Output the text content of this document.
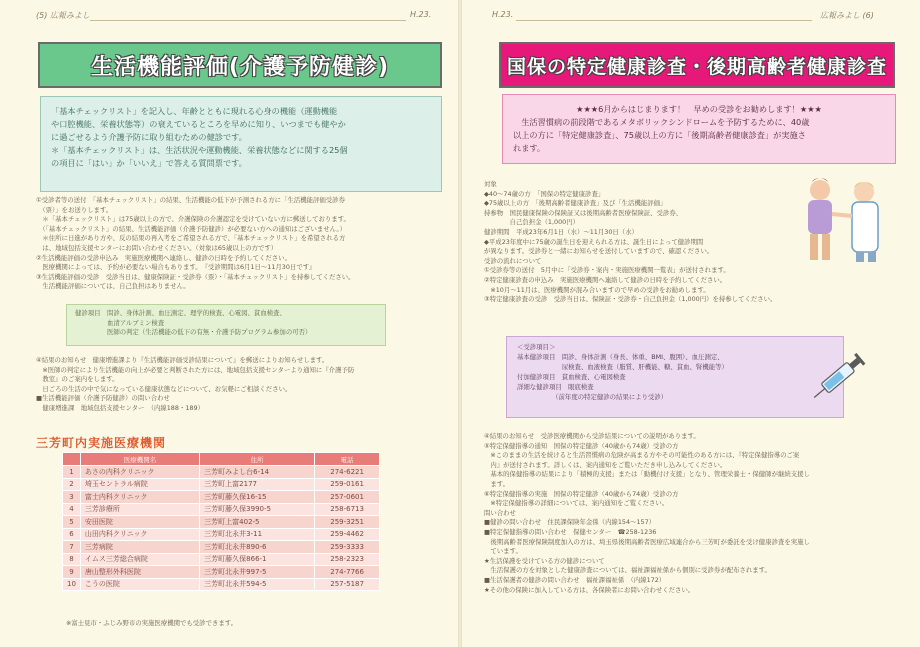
(5) 広報みよし	H.23.
生活機能評価(介護予防健診)

「基本チェックリスト」を記入し、年齢とともに現れる心身の機能（運動機能

や口腔機能、栄養状態等）の衰えているところを早めに知り、いつまでも健やか

に過ごせるよう介護予防に取り組むための健診です。

＊「基本チェックリスト」は、生活状況や運動機能、栄養状態などに関する25個

の項目に「はい」か「いいえ」で答える質問票です。

①受診者等の送付　「基本チェックリスト」の結果、生活機能の低下が予測される方に「生活機能評価受診券

　（票）」をお送りします。

　＊「基本チェックリスト」は75歳以上の方で、介護保険の介護認定を受けていない方に郵送しております。

　（「基本チェックリスト」の結果、生活機能評価（介護予防健診）が必要ない方への通知はございません。）

　＊住所に日進があり方や、反の結果の再入考をご希望される方で、「基本チェックリスト」を希望される方

　は、地域包括支援センターにお問い合わせください。（対象は65歳以上の方です）

②生活機能評価の受診申込み　実施医療機関へ連絡し、健診の日時を予約してください。

　医療機関によっては、予約が必要ない場合もあります。　『受診期間は6月1日〜11月30日です』

③生活機能評価の受診　受診当日は、健康保険証・受診券（票）・「基本チェックリスト」を持参してください。

　生活機能評価については、自己負担はありません。

健診項目　問診、身体計測、血圧測定、理学的検査、心電図、貧血検査、

　　　　　血清アルブミン検査

　　　　　医師の判定（生活機能の低下の有無・介護予防プログラム参加の可否）

④結果のお知らせ　健康増進課より『生活機能評価受診結果について』を郵送によりお知らせします。

　※医師の判定により生活機能の向上が必要と判断された方には、地域包括支援センターより通知に『介護予防

　教室』のご案内をします。

　日ごろの生活の中で気になっている健康状態などについて、お気軽にご相談ください。

■生活機能評価（介護予防健診）の問い合わせ

　健康増進課　地域包括支援センター　（内線188・189）

三芳町内実施医療機関
	医療機関名	住所	電話
1	あさの内科クリニック	三芳町みよし台6-14	274-6221
2	埼玉セントラル病院	三芳町上富2177	259-0161
3	富士内科クリニック	三芳町藤久保16-15	257-0601
4	三芳診療所	三芳町藤久保3990-5	258-6713
5	安田医院	三芳町上富402-5	259-3251
6	山田内科クリニック	三芳町北永井3-11	259-4462
7	三芳病院	三芳町北永井890-6	259-3333
8	イムス三芳総合病院	三芳町藤久保866-1	258-2323
9	唐山整形外科医院	三芳町北永井997-5	274-7766
10	こうの医院	三芳町北永井594-5	257-5187
※富士見市・ふじみ野市の実施医療機関でも受診できます。
H.23.	広報みよし (6)
国保の特定健康診査・後期高齢者健康診査

★★★6月からはじまります！　早めの受診をお勧めします！★★★

　生活習慣病の前段階であるメタボリックシンドロームを予防するために、40歳

以上の方に「特定健康診査」、75歳以上の方に「後期高齢者健康診査」が実施さ

れます。

対象

◆40〜74歳の方　「国保の特定健康診査」

◆75歳以上の方　「後期高齢者健康診査」及び「生活機能評価」

持参物　国民健康保険の保険証又は後期高齢者医療保険証、受診券、

　　　　自己負担金（1,000円）

健診期間　平成23年6月1日（水）〜11月30日（水）

◆平成23年度中に75歳の誕生日を迎えられる方は、誕生日によって健診期間

が異なります。受診券と一緒にお知らせを送付していますので、確認ください。

受診の流れについて

①受診券等の送付　5月中に「受診券・案内・実施医療機関一覧表」が送付されます。

②特定健康診査の申込み　実施医療機関へ連絡して健診の日時を予約してください。

　※10月〜11月は、医療機関が混み合いますので早めの受診をお勧めします。

③特定健康診査の受診　受診当日は、保険証・受診券・自己負担金（1,000円）を持参してください。

＜受診項目＞

基本健診項目　問診、身体計測（身長、体重、BMI、腹囲）、血圧測定、

　　　　　　　尿検査、血液検査（脂質、肝機能、糖、貧血、腎機能等）

付加健診項目　貧血検査、心電図検査

詳細な健診項目　眼底検査

　　　　　　（前年度の特定健診の結果により受診）

④結果のお知らせ　受診医療機関から受診結果についての説明があります。

⑤特定保健指導の通知　国保の特定健診（40歳から74歳）受診の方

　※このままの生活を続けると生活習慣病の危険が高まる方やその可能性のある方には、『特定保健指導のご案

　内』が送付されます。詳しくは、案内通知をご覧いただき申し込みしてください。

　基本的保健指導の結果により「積極的支援」または「動機付け支援」となり、管理栄養士・保健師が継続支援し

　ます。

⑥特定保健指導の実施　国保の特定健診（40歳から74歳）受診の方

　※特定保健指導の詳細については、案内通知をご覧ください。

問い合わせ

■健診の問い合わせ　住民課保険年金係（内線154〜157）

■特定保健指導の問い合わせ　保健センター　☎258-1236

　後期高齢者医療保険制度加入の方は、埼玉県後期高齢者医療広域連合から三芳町が委託を受け健康診査を実施し

　ています。

★生活保護を受けている方の健診について

　生活保護の方を対象とした健康診査については、福祉課福祉係から個別に受診券が配布されます。

■生活保護者の健診の問い合わせ　福祉課福祉係　（内線172）

★その他の保険に加入している方は、各保険者にお問い合わせください。
